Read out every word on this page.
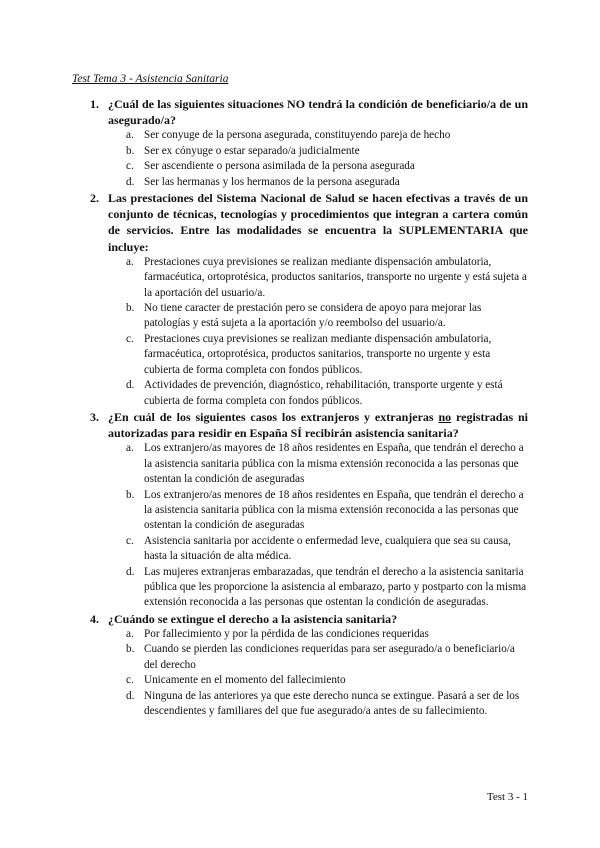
Test Tema 3 - Asistencia Sanitaria

1. ¿Cuál de las siguientes situaciones NO tendrá la condición de beneficiario/a de un asegurado/a?

a. Ser conyuge de la persona asegurada, constituyendo pareja de hecho

b. Ser ex cónyuge o estar separado/a judicialmente

c. Ser ascendiente o persona asimilada de la persona asegurada

d. Ser las hermanas y los hermanos de la persona asegurada

2. Las prestaciones del Sistema Nacional de Salud se hacen efectivas a través de un conjunto de técnicas, tecnologías y procedimientos que integran a cartera común de servicios. Entre las modalidades se encuentra la SUPLEMENTARIA que incluye:

a. Prestaciones cuya previsiones se realizan mediante dispensación ambulatoria, farmacéutica, ortoprotésica, productos sanitarios, transporte no urgente y está sujeta a la aportación del usuario/a.

b. No tiene caracter de prestación pero se considera de apoyo para mejorar las patologías y está sujeta a la aportación y/o reembolso del usuario/a.

c. Prestaciones cuya previsiones se realizan mediante dispensación ambulatoria, farmacéutica, ortoprotésica, productos sanitarios, transporte no urgente y esta cubierta de forma completa con fondos públicos.

d. Actividades de prevención, diagnóstico, rehabilitación, transporte urgente y está cubierta de forma completa con fondos públicos.

3. ¿En cuál de los siguientes casos los extranjeros y extranjeras no registradas ni autorizadas para residir en España SÍ recibirán asistencia sanitaria?

a. Los extranjero/as mayores de 18 años residentes en España, que tendrán el derecho a la asistencia sanitaria pública con la misma extensión reconocida a las personas que ostentan la condición de aseguradas

b. Los extranjero/as menores de 18 años residentes en España, que tendrán el derecho a la asistencia sanitaria pública con la misma extensión reconocida a las personas que ostentan la condición de aseguradas

c. Asistencia sanitaria por accidente o enfermedad leve, cualquiera que sea su causa, hasta la situación de alta médica.

d. Las mujeres extranjeras embarazadas, que tendrán el derecho a la asistencia sanitaria pública que les proporcione la asistencia al embarazo, parto y postparto con la misma extensión reconocida a las personas que ostentan la condición de aseguradas.

4. ¿Cuándo se extingue el derecho a la asistencia sanitaria?

a. Por fallecimiento y por la pérdida de las condiciones requeridas

b. Cuando se pierden las condiciones requeridas para ser asegurado/a o beneficiario/a del derecho

c. Unicamente en el momento del fallecimiento

d. Ninguna de las anteriores ya que este derecho nunca se extingue. Pasará a ser de los descendientes y familiares del que fue asegurado/a antes de su fallecimiento.

Test 3 - 1
